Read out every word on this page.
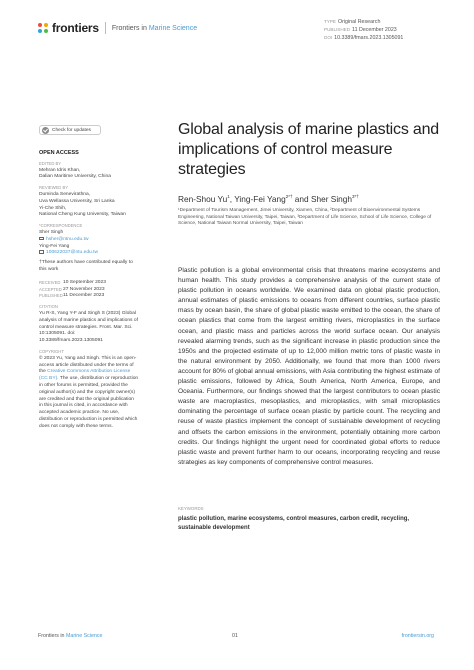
frontiers Frontiers in Marine Science
TYPE Original Research
PUBLISHED 11 December 2023
DOI 10.3389/fmars.2023.1305091
Check for updates
OPEN ACCESS
EDITED BY
Mehran Idris Khan,
Dalian Maritime University, China
REVIEWED BY
Duminda Senevirathna,
Uva Wellassa University, Sri Lanka
Yi-Che Shih,
National Cheng Kung University, Taiwan
*CORRESPONDENCE
Sher Singh
hsher@ntnu.edu.tw
Ying-Fei Yang
100622037@ntu.edu.tw
†These authors have contributed equally to this work
RECEIVED 10 September 2023
ACCEPTED 27 November 2023
PUBLISHED 11 December 2023
CITATION
Yu R-S, Yang Y-F and Singh S (2023) Global analysis of marine plastics and implications of control measure strategies. Front. Mar. Sci. 10:1305091. doi: 10.3389/fmars.2023.1305091
COPYRIGHT
© 2023 Yu, Yang and Singh. This is an open-access article distributed under the terms of the Creative Commons Attribution License (CC BY). The use, distribution or reproduction in other forums is permitted, provided the original author(s) and the copyright owner(s) are credited and that the original publication in this journal is cited, in accordance with accepted academic practice. No use, distribution or reproduction is permitted which does not comply with these terms.
Global analysis of marine plastics and implications of control measure strategies
Ren-Shou Yu$^1$, Ying-Fei Yang$^{2*\dagger}$ and Sher Singh$^{3*\dagger}$
¹Department of Tourism Management, Jimei University, Xiamen, China, ²Department of Bioenvironmental Systems Engineering, National Taiwan University, Taipei, Taiwan, ³Department of Life Science, School of Life Science, College of Science, National Taiwan Normal University, Taipei, Taiwan
Plastic pollution is a global environmental crisis that threatens marine ecosystems and human health. This study provides a comprehensive analysis of the current state of plastic pollution in oceans worldwide. We examined data on global plastic production, annual estimates of plastic emissions to oceans from different countries, surface plastic mass by ocean basin, the share of global plastic waste emitted to the ocean, the share of ocean plastics that come from the largest emitting rivers, microplastics in the surface ocean, and plastic mass and particles across the world surface ocean. Our analysis revealed alarming trends, such as the significant increase in plastic production since the 1950s and the projected estimate of up to 12,000 million metric tons of plastic waste in the natural environment by 2050. Additionally, we found that more than 1000 rivers account for 80% of global annual emissions, with Asia contributing the highest estimate of plastic emissions, followed by Africa, South America, North America, Europe, and Oceania. Furthermore, our findings showed that the largest contributors to ocean plastic waste are macroplastics, mesoplastics, and microplastics, with small microplastics dominating the percentage of surface ocean plastic by particle count. The recycling and reuse of waste plastics implement the concept of sustainable development of recycling and offsets the carbon emissions in the environment, potentially obtaining more carbon credits. Our findings highlight the urgent need for coordinated global efforts to reduce plastic waste and prevent further harm to our oceans, incorporating recycling and reuse strategies as key components of comprehensive control measures.
KEYWORDS
plastic pollution, marine ecosystems, control measures, carbon credit, recycling, sustainable development
Frontiers in Marine Science	01	frontiersin.org
